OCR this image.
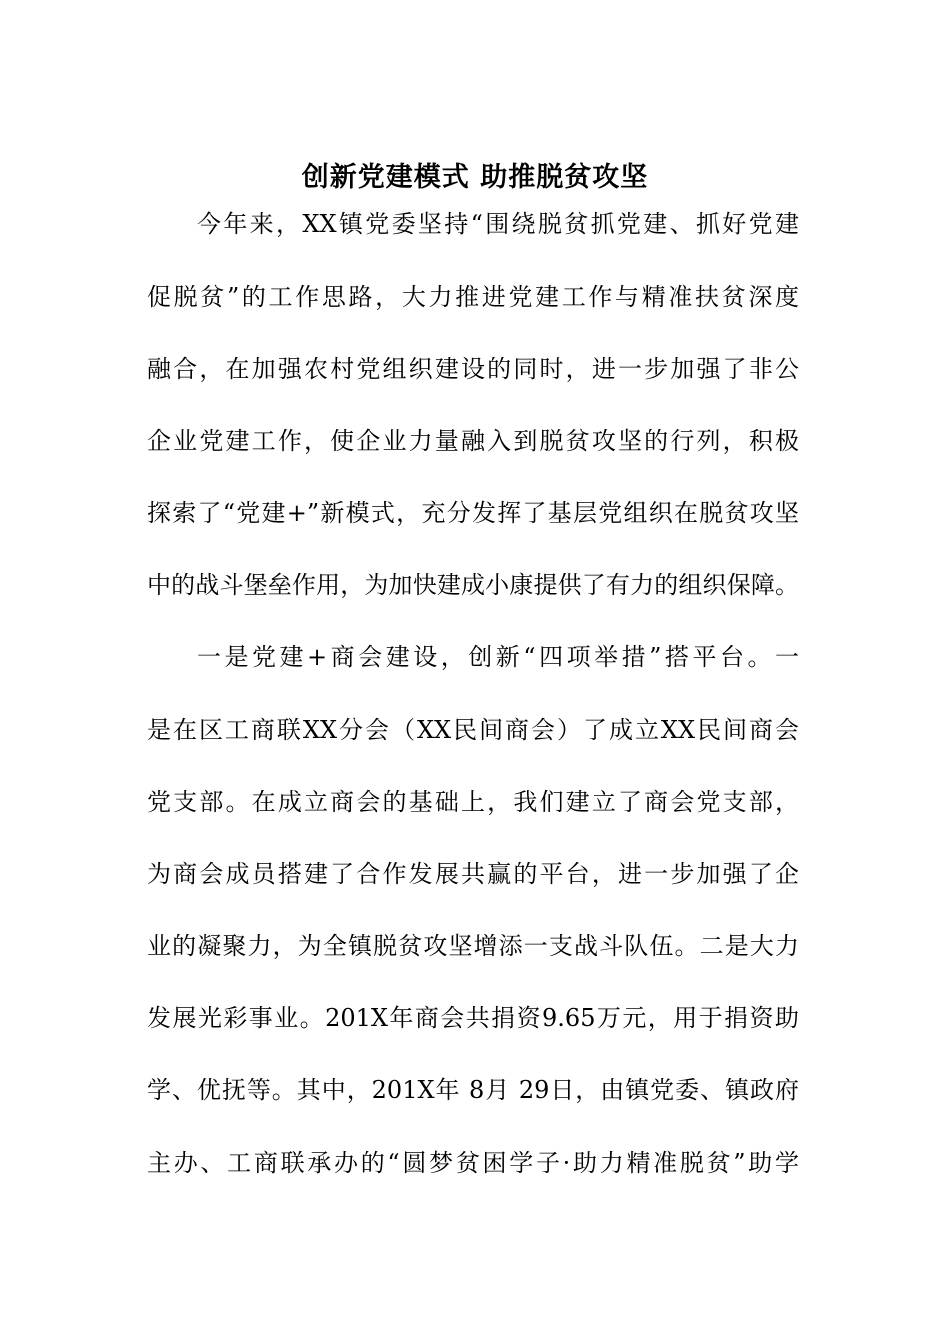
创新党建模式 助推脱贫攻坚
今年来，XX镇党委坚持“围绕脱贫抓党建、抓好党建
促脱贫”的工作思路，大力推进党建工作与精准扶贫深度
融合，在加强农村党组织建设的同时，进一步加强了非公
企业党建工作，使企业力量融入到脱贫攻坚的行列，积极
探索了“党建+”新模式，充分发挥了基层党组织在脱贫攻坚
中的战斗堡垒作用，为加快建成小康提供了有力的组织保障。
一是党建+商会建设，创新“四项举措”搭平台。一
是在区工商联XX分会（XX民间商会）了成立XX民间商会
党支部。在成立商会的基础上，我们建立了商会党支部，
为商会成员搭建了合作发展共赢的平台，进一步加强了企
业的凝聚力，为全镇脱贫攻坚增添一支战斗队伍。二是大力
发展光彩事业。201X年商会共捐资9.65万元，用于捐资助
学、优抚等。其中，201X年 8月 29日，由镇党委、镇政府
主办、工商联承办的“圆梦贫困学子·助力精准脱贫”助学
